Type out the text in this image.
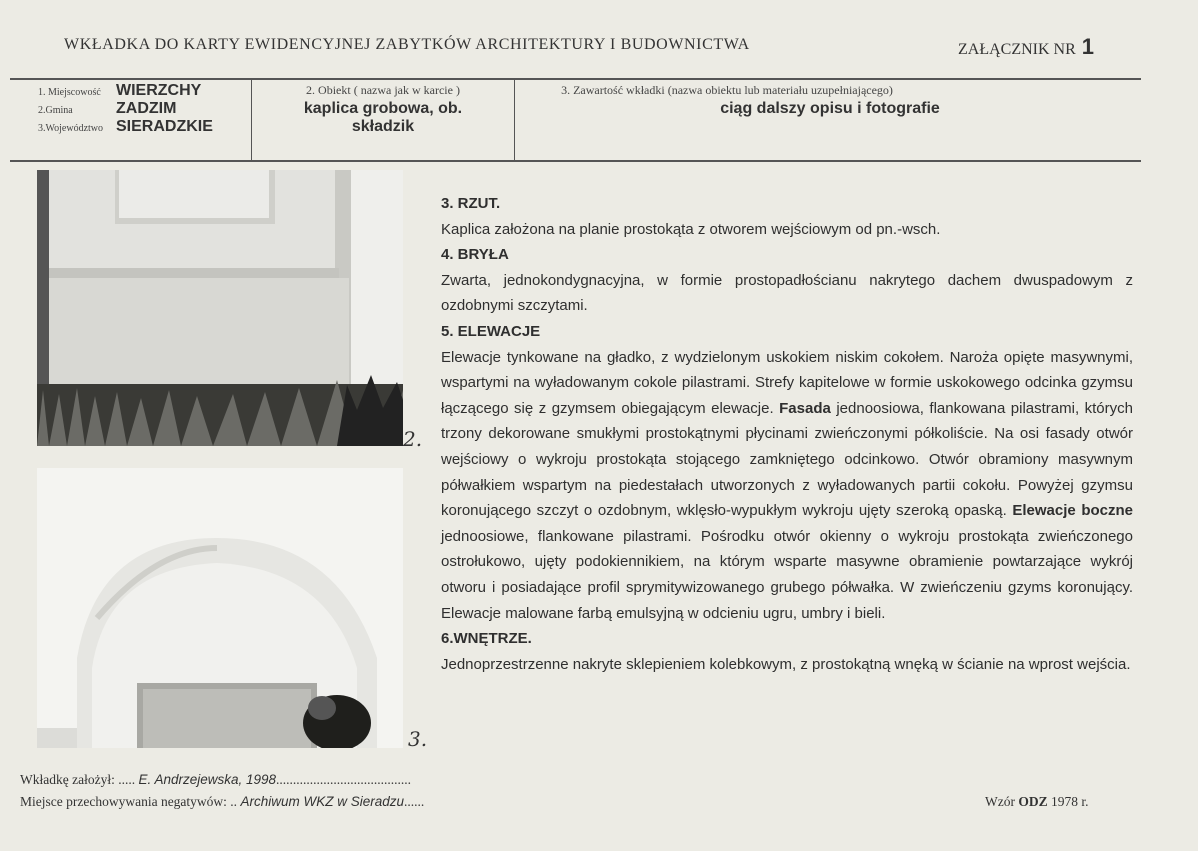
WKŁADKA DO KARTY EWIDENCYJNEJ ZABYTKÓW ARCHITEKTURY I BUDOWNICTWA	ZAŁĄCZNIK NR 1
1. Miejscowość WIERZCHY
2.Gmina	ZADZIM
3.Województwo SIERADZKIE
2. Obiekt ( nazwa jak w karcie )
kaplica grobowa, ob.
składzik
3. Zawartość wkładki (nazwa obiektu lub materiału uzupełniającego)
ciąg dalszy opisu i fotografie
2.
3.
3. RZUT.

Kaplica założona na planie prostokąta z otworem wejściowym od pn.-wsch.

4. BRYŁA

Zwarta, jednokondygnacyjna, w formie prostopadłościanu nakrytego dachem dwuspadowym z ozdobnymi szczytami.

5. ELEWACJE

Elewacje tynkowane na gładko, z wydzielonym uskokiem niskim cokołem. Naroża opięte masywnymi, wspartymi na wyładowanym cokole pilastrami. Strefy kapitelowe w formie uskokowego odcinka gzymsu łączącego się z gzymsem obiegającym elewacje. Fasada jednoosiowa, flankowana pilastrami, których trzony dekorowane smukłymi prostokątnymi płycinami zwieńczonymi półkoliście. Na osi fasady otwór wejściowy o wykroju prostokąta stojącego zamkniętego odcinkowo. Otwór obramiony masywnym półwałkiem wspartym na piedestałach utworzonych z wyładowanych partii cokołu. Powyżej gzymsu koronującego szczyt o ozdobnym, wklęsło-wypukłym wykroju ujęty szeroką opaską. Elewacje boczne jednoosiowe, flankowane pilastrami. Pośrodku otwór okienny o wykroju prostokąta zwieńczonego ostrołukowo, ujęty podokiennikiem, na którym wsparte masywne obramienie powtarzające wykrój otworu i posiadające profil sprymitywizowanego grubego półwałka. W zwieńczeniu gzyms koronujący. Elewacje malowane farbą emulsyjną w odcieniu ugru, umbry i bieli.

6.WNĘTRZE.

Jednoprzestrzenne nakryte sklepieniem kolebkowym, z prostokątną wnęką w ścianie na wprost wejścia.

Wkładkę założył: ..... E. Andrzejewska, 1998........................................
Miejsce przechowywania negatywów: .. Archiwum WKZ w Sieradzu......	Wzór ODZ 1978 r.
